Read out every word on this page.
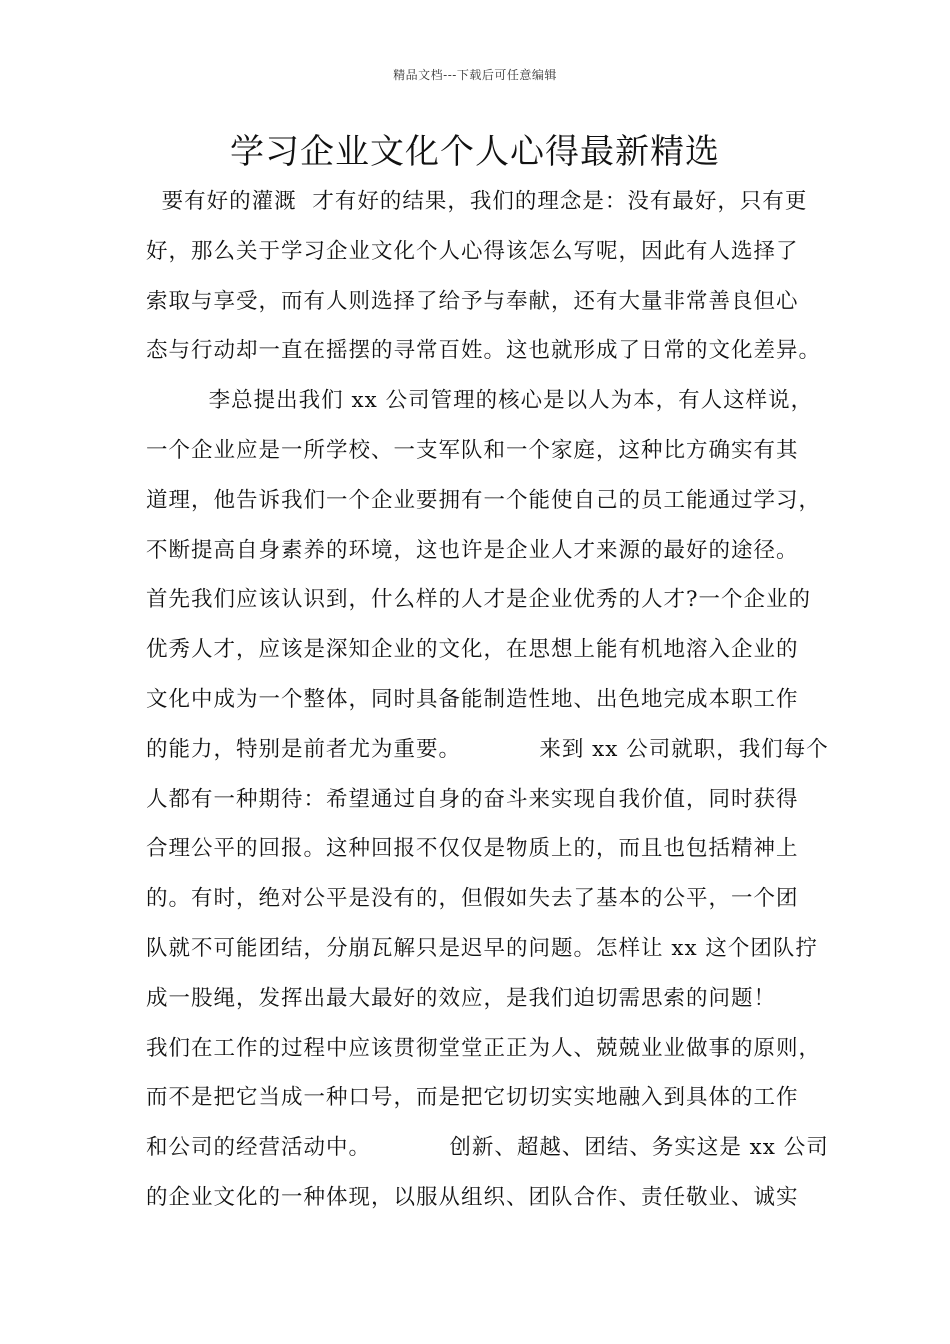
精品文档---下载后可任意编辑
学习企业文化个人心得最新精选
要有好的灌溉  才有好的结果，我们的理念是：没有最好，只有更
好，那么关于学习企业文化个人心得该怎么写呢，因此有人选择了
索取与享受，而有人则选择了给予与奉献，还有大量非常善良但心
态与行动却一直在摇摆的寻常百姓。这也就形成了日常的文化差异。
李总提出我们 xx 公司管理的核心是以人为本，有人这样说，
一个企业应是一所学校、一支军队和一个家庭，这种比方确实有其
道理，他告诉我们一个企业要拥有一个能使自己的员工能通过学习，
不断提高自身素养的环境，这也许是企业人才来源的最好的途径。
首先我们应该认识到，什么样的人才是企业优秀的人才?一个企业的
优秀人才，应该是深知企业的文化，在思想上能有机地溶入企业的
文化中成为一个整体，同时具备能制造性地、出色地完成本职工作
的能力，特别是前者尤为重要。          来到 xx 公司就职，我们每个
人都有一种期待：希望通过自身的奋斗来实现自我价值，同时获得
合理公平的回报。这种回报不仅仅是物质上的，而且也包括精神上
的。有时，绝对公平是没有的，但假如失去了基本的公平，一个团
队就不可能团结，分崩瓦解只是迟早的问题。怎样让 xx 这个团队拧
成一股绳，发挥出最大最好的效应，是我们迫切需思索的问题！
我们在工作的过程中应该贯彻堂堂正正为人、兢兢业业做事的原则，
而不是把它当成一种口号，而是把它切切实实地融入到具体的工作
和公司的经营活动中。          创新、超越、团结、务实这是 xx 公司
的企业文化的一种体现，以服从组织、团队合作、责任敬业、诚实
